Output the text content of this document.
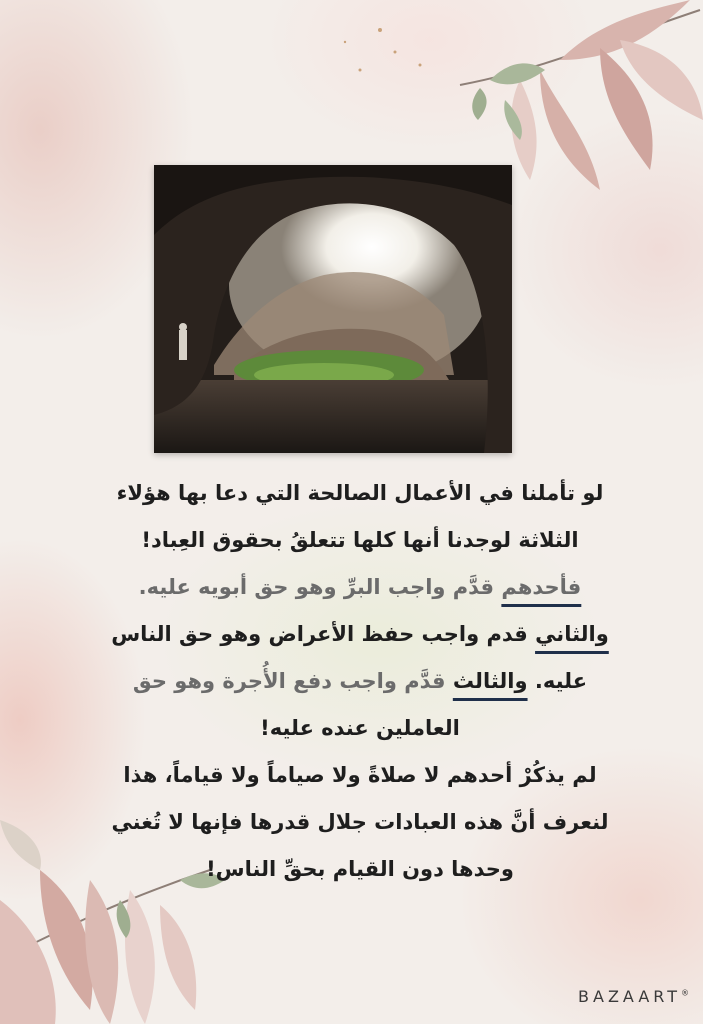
لو تأملنا في الأعمال الصالحة التي دعا بها هؤلاء
الثلاثة لوجدنا أنها كلها تتعلقُ بحقوق العِباد!
فأحدهم قدَّم واجب البرِّ وهو حق أبويه عليه.
والثاني قدم واجب حفظ الأعراض وهو حق الناس
عليه. والثالث قدَّم واجب دفع الأُجرة وهو حق
العاملين عنده عليه!
لم يذكُرْ أحدهم لا صلاةً ولا صياماً ولا قياماً، هذا
لنعرف أنَّ هذه العبادات جلال قدرها فإنها لا تُغني
وحدها دون القيام بحقِّ الناس!
BAZAART®
